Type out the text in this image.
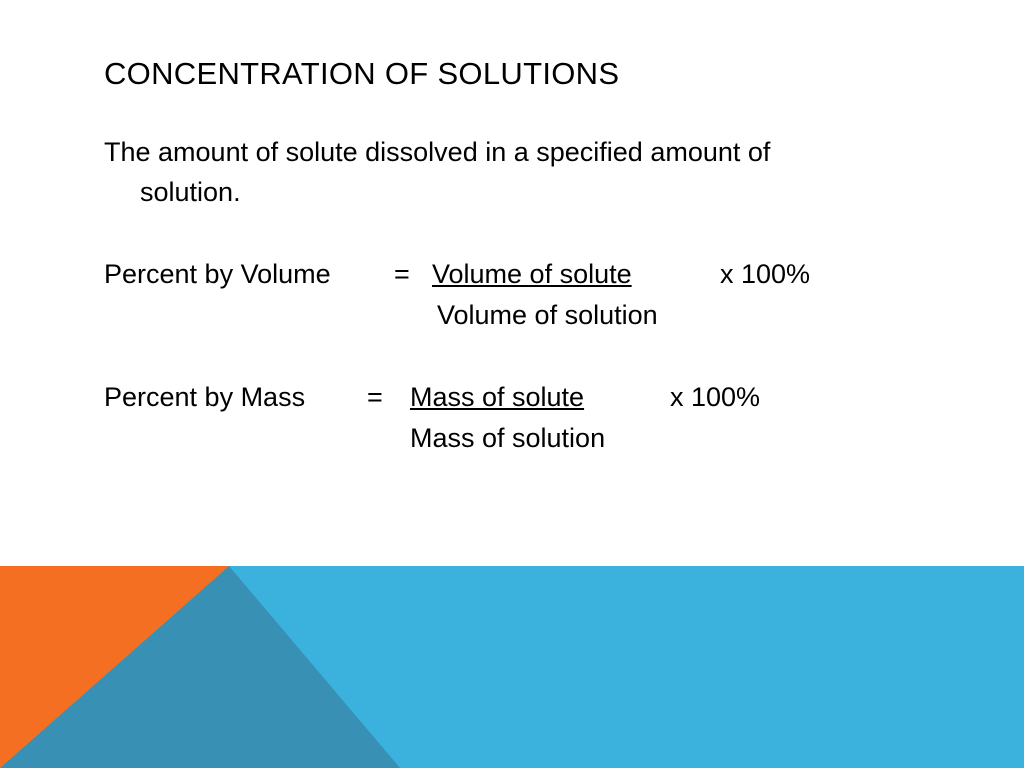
CONCENTRATION OF SOLUTIONS
The amount of solute dissolved in a specified amount of
solution.
Percent by Volume = Volume of solute	x 100%
Volume of solution
Percent by Mass = Mass of solute	x 100%
Mass of solution
